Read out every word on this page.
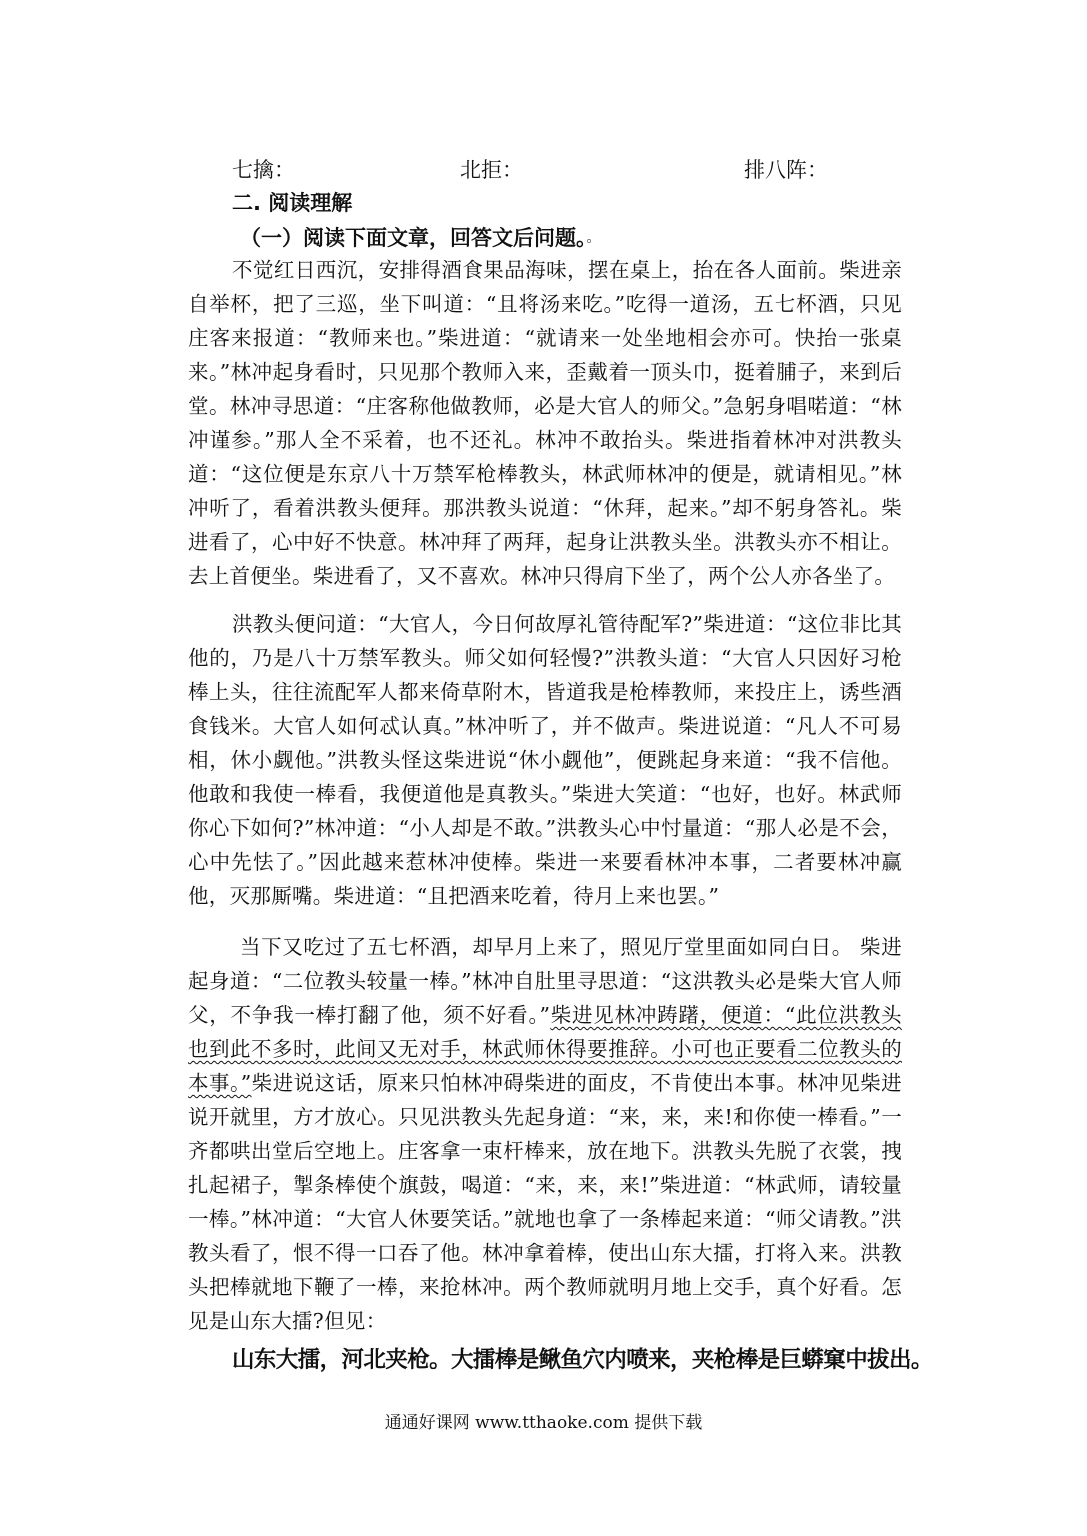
七擒：	北拒：	排八阵：
二. 阅读理解
（一）阅读下面文章，回答文后问题。。
不觉红日西沉，安排得酒食果品海味，摆在桌上，抬在各人面前。柴进亲自举杯，把了三巡，坐下叫道：“且将汤来吃。”吃得一道汤，五七杯酒，只见庄客来报道：“教师来也。”柴进道：“就请来一处坐地相会亦可。快抬一张桌来。”林冲起身看时，只见那个教师入来，歪戴着一顶头巾，挺着脯子，来到后堂。林冲寻思道：“庄客称他做教师，必是大官人的师父。”急躬身唱喏道：“林冲谨参。”那人全不采着，也不还礼。林冲不敢抬头。柴进指着林冲对洪教头道：“这位便是东京八十万禁军枪棒教头，林武师林冲的便是，就请相见。”林冲听了，看着洪教头便拜。那洪教头说道：“休拜，起来。”却不躬身答礼。柴进看了，心中好不快意。林冲拜了两拜，起身让洪教头坐。洪教头亦不相让。去上首便坐。柴进看了，又不喜欢。林冲只得肩下坐了，两个公人亦各坐了。
洪教头便问道：“大官人，今日何故厚礼管待配军?”柴进道：“这位非比其他的，乃是八十万禁军教头。师父如何轻慢?”洪教头道：“大官人只因好习枪棒上头，往往流配军人都来倚草附木，皆道我是枪棒教师，来投庄上，诱些酒食钱米。大官人如何忒认真。”林冲听了，并不做声。柴进说道：“凡人不可易相，休小觑他。”洪教头怪这柴进说“休小觑他”，便跳起身来道：“我不信他。他敢和我使一棒看，我便道他是真教头。”柴进大笑道：“也好，也好。林武师你心下如何?”林冲道：“小人却是不敢。”洪教头心中忖量道：“那人必是不会，心中先怯了。”因此越来惹林冲使棒。柴进一来要看林冲本事，二者要林冲赢他，灭那厮嘴。柴进道：“且把酒来吃着，待月上来也罢。”
当下又吃过了五七杯酒，却早月上来了，照见厅堂里面如同白日。 柴进起身道：“二位教头较量一棒。”林冲自肚里寻思道：“这洪教头必是柴大官人师父，不争我一棒打翻了他，须不好看。”柴进见林冲踌躇，便道：“此位洪教头也到此不多时，此间又无对手，林武师休得要推辞。小可也正要看二位教头的本事。”柴进说这话，原来只怕林冲碍柴进的面皮，不肯使出本事。林冲见柴进说开就里，方才放心。只见洪教头先起身道：“来，来，来!和你使一棒看。”一齐都哄出堂后空地上。庄客拿一束杆棒来，放在地下。洪教头先脱了衣裳，拽扎起裙子，掣条棒使个旗鼓，喝道：“来，来，来!”柴进道：“林武师，请较量一棒。”林冲道：“大官人休要笑话。”就地也拿了一条棒起来道：“师父请教。”洪教头看了，恨不得一口吞了他。林冲拿着棒，使出山东大擂，打将入来。洪教头把棒就地下鞭了一棒，来抢林冲。两个教师就明月地上交手，真个好看。怎见是山东大擂?但见：
山东大擂，河北夹枪。大擂棒是鳅鱼穴内喷来，夹枪棒是巨蟒窠中拔出。
通通好课网 www.tthaoke.com 提供下载
